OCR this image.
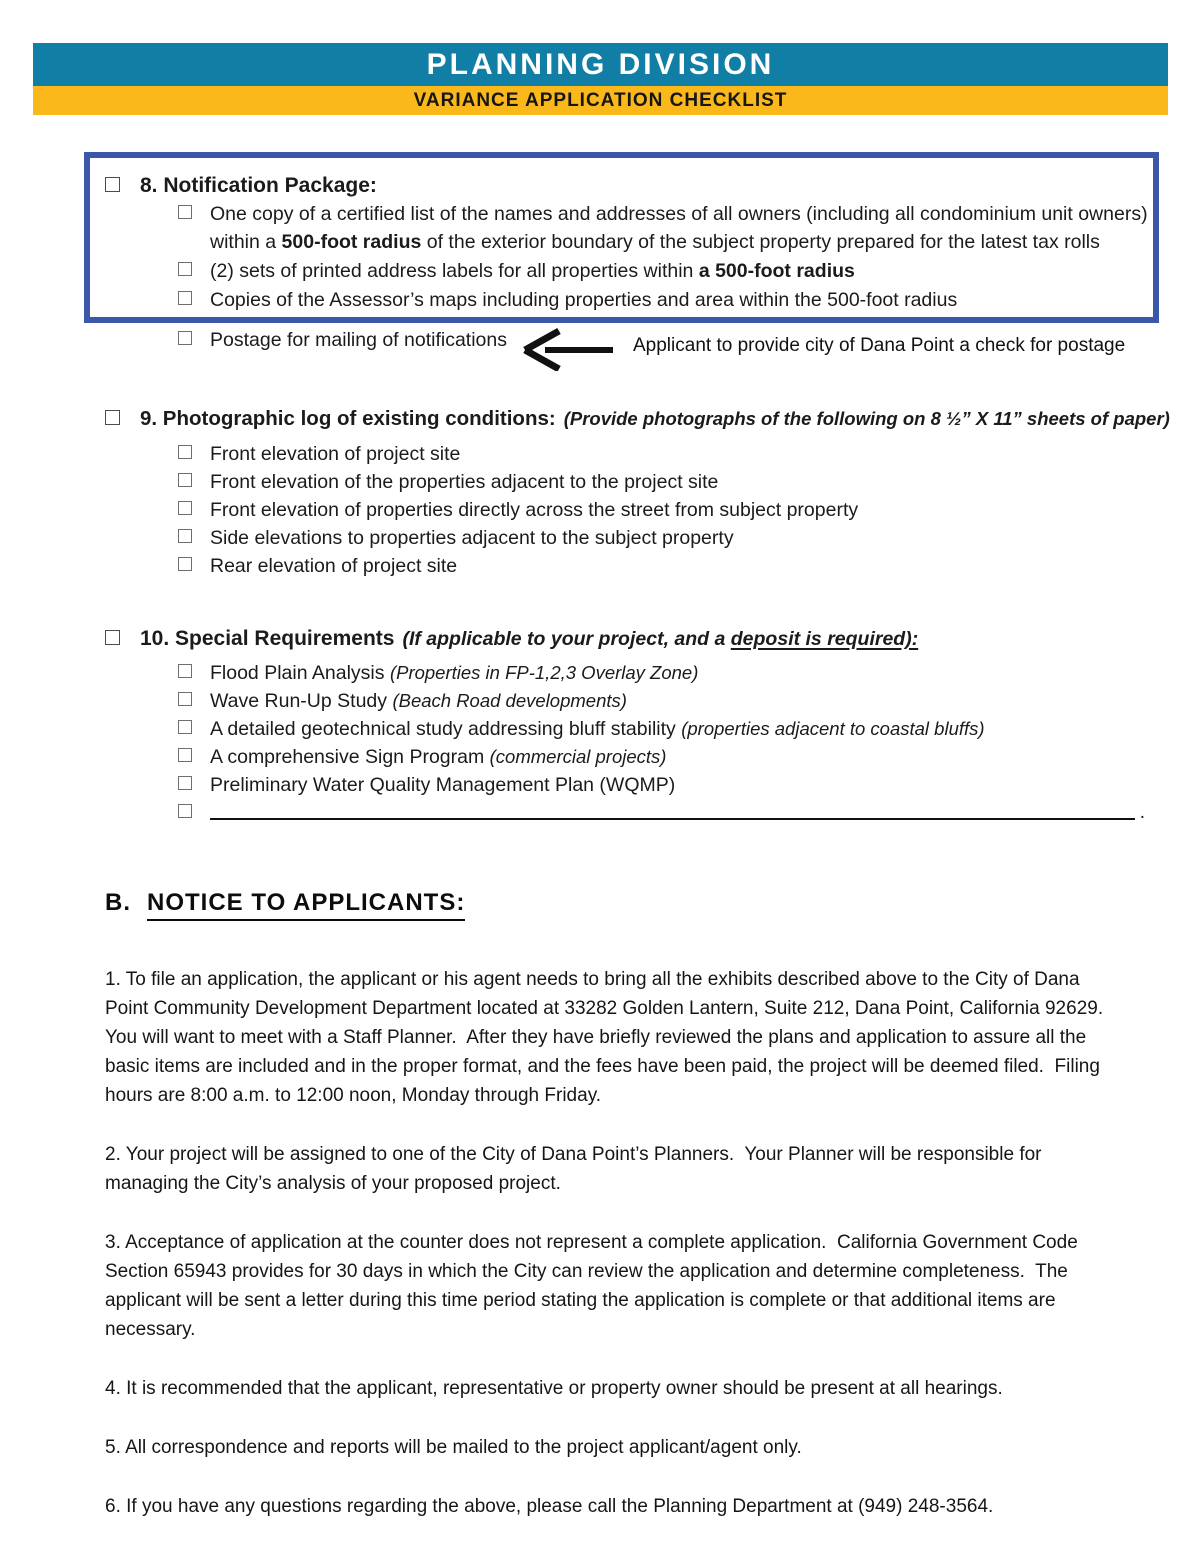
PLANNING DIVISION
VARIANCE APPLICATION CHECKLIST
8. Notification Package:
One copy of a certified list of the names and addresses of all owners (including all condominium unit owners) within a 500-foot radius of the exterior boundary of the subject property prepared for the latest tax rolls
(2) sets of printed address labels for all properties within a 500-foot radius
Copies of the Assessor’s maps including properties and area within the 500-foot radius
Postage for mailing of notifications	Applicant to provide city of Dana Point a check for postage
9. Photographic log of existing conditions: (Provide photographs of the following on 8 ½” X 11” sheets of paper)
Front elevation of project site
Front elevation of the properties adjacent to the project site
Front elevation of properties directly across the street from subject property
Side elevations to properties adjacent to the subject property
Rear elevation of project site
10. Special Requirements (If applicable to your project, and a deposit is required):
Flood Plain Analysis (Properties in FP-1,2,3 Overlay Zone)
Wave Run-Up Study (Beach Road developments)
A detailed geotechnical study addressing bluff stability (properties adjacent to coastal bluffs)
A comprehensive Sign Program (commercial projects)
Preliminary Water Quality Management Plan (WQMP)
.
B. NOTICE TO APPLICANTS:

1. To file an application, the applicant or his agent needs to bring all the exhibits described above to the City of Dana Point Community Development Department located at 33282 Golden Lantern, Suite 212, Dana Point, California 92629.  You will want to meet with a Staff Planner.  After they have briefly reviewed the plans and application to assure all the basic items are included and in the proper format, and the fees have been paid, the project will be deemed filed.  Filing hours are 8:00 a.m. to 12:00 noon, Monday through Friday.

2. Your project will be assigned to one of the City of Dana Point’s Planners.  Your Planner will be responsible for managing the City’s analysis of your proposed project.

3. Acceptance of application at the counter does not represent a complete application.  California Government Code Section 65943 provides for 30 days in which the City can review the application and determine completeness.  The applicant will be sent a letter during this time period stating the application is complete or that additional items are necessary.

4. It is recommended that the applicant, representative or property owner should be present at all hearings.

5. All correspondence and reports will be mailed to the project applicant/agent only.

6. If you have any questions regarding the above, please call the Planning Department at (949) 248-3564.
